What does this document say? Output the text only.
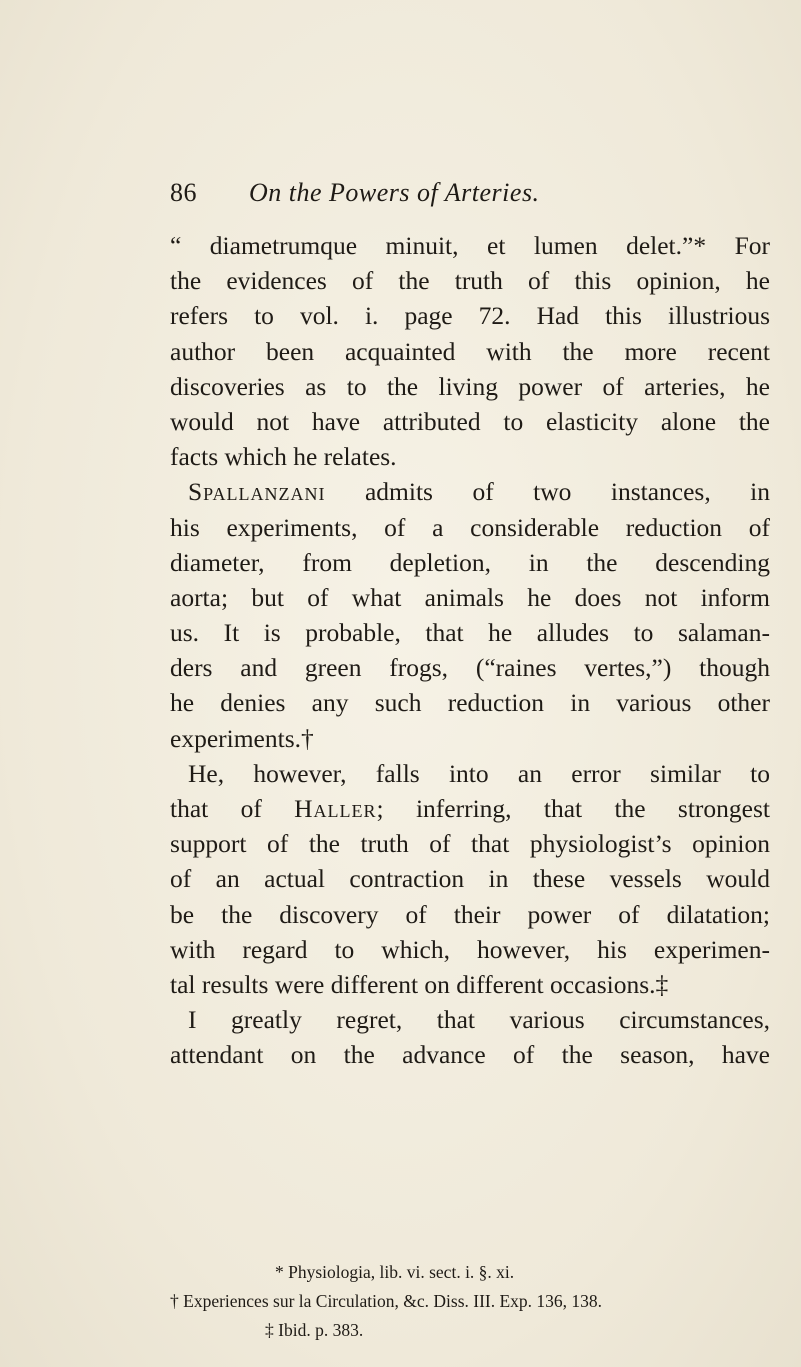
86 On the Powers of Arteries.
“ diametrumque minuit, et lumen delet.”* For
the evidences of the truth of this opinion, he
refers to vol. i. page 72. Had this illustrious
author been acquainted with the more recent
discoveries as to the living power of arteries, he
would not have attributed to elasticity alone the
facts which he relates.
Spallanzani admits of two instances, in
his experiments, of a considerable reduction of
diameter, from depletion, in the descending
aorta; but of what animals he does not inform
us. It is probable, that he alludes to salaman-
ders and green frogs, (“raines vertes,”) though
he denies any such reduction in various other
experiments.†
He, however, falls into an error similar to
that of Haller; inferring, that the strongest
support of the truth of that physiologist’s opinion
of an actual contraction in these vessels would
be the discovery of their power of dilatation;
with regard to which, however, his experimen-
tal results were different on different occasions.‡
I greatly regret, that various circumstances,
attendant on the advance of the season, have
* Physiologia, lib. vi. sect. i. §. xi.
† Experiences sur la Circulation, &c. Diss. III. Exp. 136, 138.
‡ Ibid. p. 383.
